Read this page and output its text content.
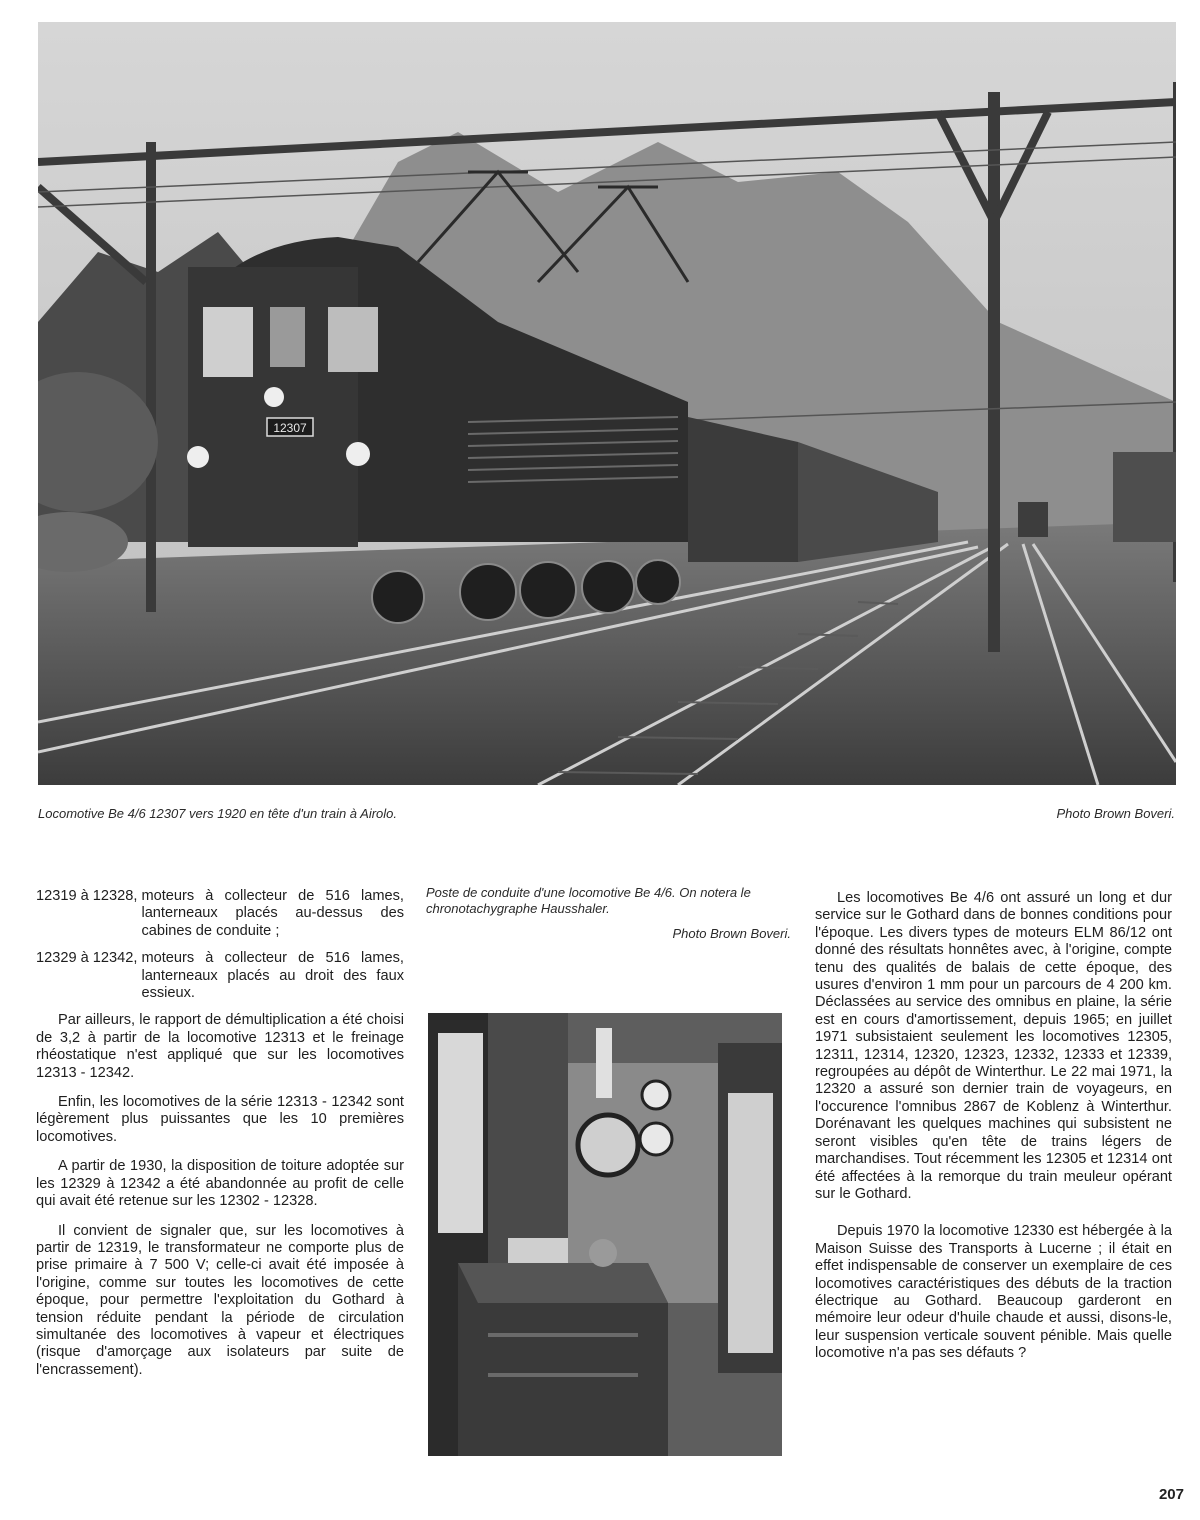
12307
Locomotive Be 4/6 12307 vers 1920 en tête d'un train à Airolo.	Photo Brown Boveri.
12319 à 12328, moteurs à collecteur de 516 lames, lanterneaux placés au-dessus des cabines de conduite ;
12329 à 12342, moteurs à collecteur de 516 lames, lanterneaux placés au droit des faux essieux.

Par ailleurs, le rapport de démultiplication a été choisi de 3,2 à partir de la locomotive 12313 et le freinage rhéostatique n'est appliqué que sur les locomotives 12313 - 12342.

Enfin, les locomotives de la série 12313 - 12342 sont légèrement plus puissantes que les 10 premières locomotives.

A partir de 1930, la disposition de toiture adoptée sur les 12329 à 12342 a été abandonnée au profit de celle qui avait été retenue sur les 12302 - 12328.

Il convient de signaler que, sur les locomotives à partir de 12319, le transformateur ne comporte plus de prise primaire à 7 500 V; celle-ci avait été imposée à l'origine, comme sur toutes les locomotives de cette époque, pour permettre l'exploitation du Gothard à tension réduite pendant la période de circulation simultanée des locomotives à vapeur et électriques (risque d'amorçage aux isolateurs par suite de l'encrassement).

Poste de conduite d'une locomotive Be 4/6. On notera le chronotachygraphe Hausshaler.
Photo Brown Boveri.

Les locomotives Be 4/6 ont assuré un long et dur service sur le Gothard dans de bonnes conditions pour l'époque. Les divers types de moteurs ELM 86/12 ont donné des résultats honnêtes avec, à l'origine, compte tenu des qualités de balais de cette époque, des usures d'environ 1 mm pour un parcours de 4 200 km. Déclassées au service des omnibus en plaine, la série est en cours d'amortissement, depuis 1965; en juillet 1971 subsistaient seulement les locomotives 12305, 12311, 12314, 12320, 12323, 12332, 12333 et 12339, regroupées au dépôt de Winterthur. Le 22 mai 1971, la 12320 a assuré son dernier train de voyageurs, en l'occurence l'omnibus 2867 de Koblenz à Winterthur. Dorénavant les quelques machines qui subsistent ne seront visibles qu'en tête de trains légers de marchandises. Tout récemment les 12305 et 12314 ont été affectées à la remorque du train meuleur opérant sur le Gothard.

Depuis 1970 la locomotive 12330 est hébergée à la Maison Suisse des Transports à Lucerne ; il était en effet indispensable de conserver un exemplaire de ces locomotives caractéristiques des débuts de la traction électrique au Gothard. Beaucoup garderont en mémoire leur odeur d'huile chaude et aussi, disons-le, leur suspension verticale souvent pénible. Mais quelle locomotive n'a pas ses défauts ?

207
